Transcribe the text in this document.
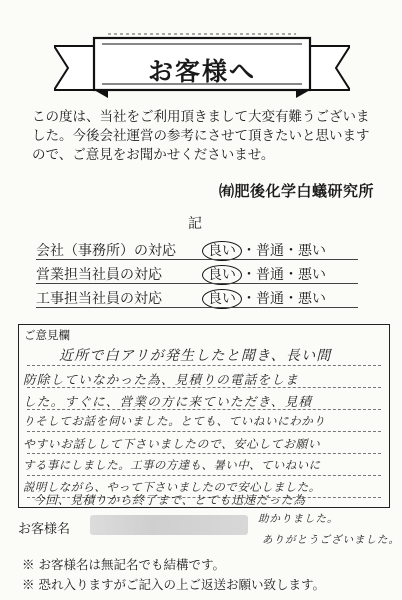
お客様へ

この度は、当社をご利用頂きまして大変有難うございました。今後会社運営の参考にさせて頂きたいと思いますので、ご意見をお聞かせくださいませ。

㈲肥後化学白蟻研究所
記
会社（事務所）の対応 良い ・普通・悪い
営業担当社員の対応	良い ・普通・悪い
工事担当社員の対応	良い ・普通・悪い
ご意見欄
近所で白アリが発生したと聞き、長い間
防除していなかった為、見積りの電話をしま
した。すぐに、営業の方に来ていただき、見積
りそしてお話を伺いました。とても、ていねいにわかり
やすいお話しして下さいましたので、安心してお願い
する事にしました。工事の方達も、暑い中、ていねいに
説明しながら、やって下さいましたので安心しました。
今回、見積りから終了まで、とても迅速だった為
助かりました。
ありがとうございました。
お客様名
※ お客様名は無記名でも結構です。
※ 恐れ入りますがご記入の上ご返送お願い致します。
